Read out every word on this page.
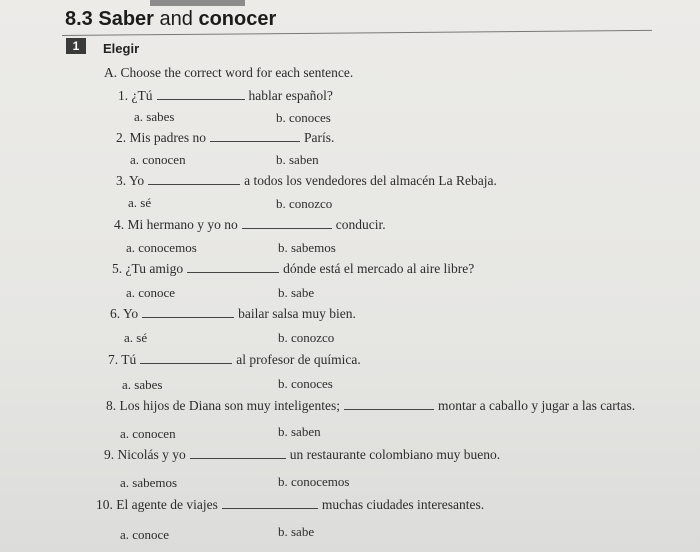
8.3 Saber and conocer
1	Elegir
A. Choose the correct word for each sentence.
1. ¿Tú	hablar español?
a. sabes	b. conoces
2. Mis padres no	París.
a. conocen	b. saben
3. Yo	a todos los vendedores del almacén La Rebaja.
a. sé	b. conozco
4. Mi hermano y yo no	conducir.
a. conocemos	b. sabemos
5. ¿Tu amigo	dónde está el mercado al aire libre?
a. conoce	b. sabe
6. Yo	bailar salsa muy bien.
a. sé	b. conozco
7. Tú	al profesor de química.
a. sabes	b. conoces
8. Los hijos de Diana son muy inteligentes;	montar a caballo y jugar a las cartas.
a. conocen	b. saben
9. Nicolás y yo	un restaurante colombiano muy bueno.
a. sabemos	b. conocemos
10. El agente de viajes	muchas ciudades interesantes.
a. conoce	b. sabe
